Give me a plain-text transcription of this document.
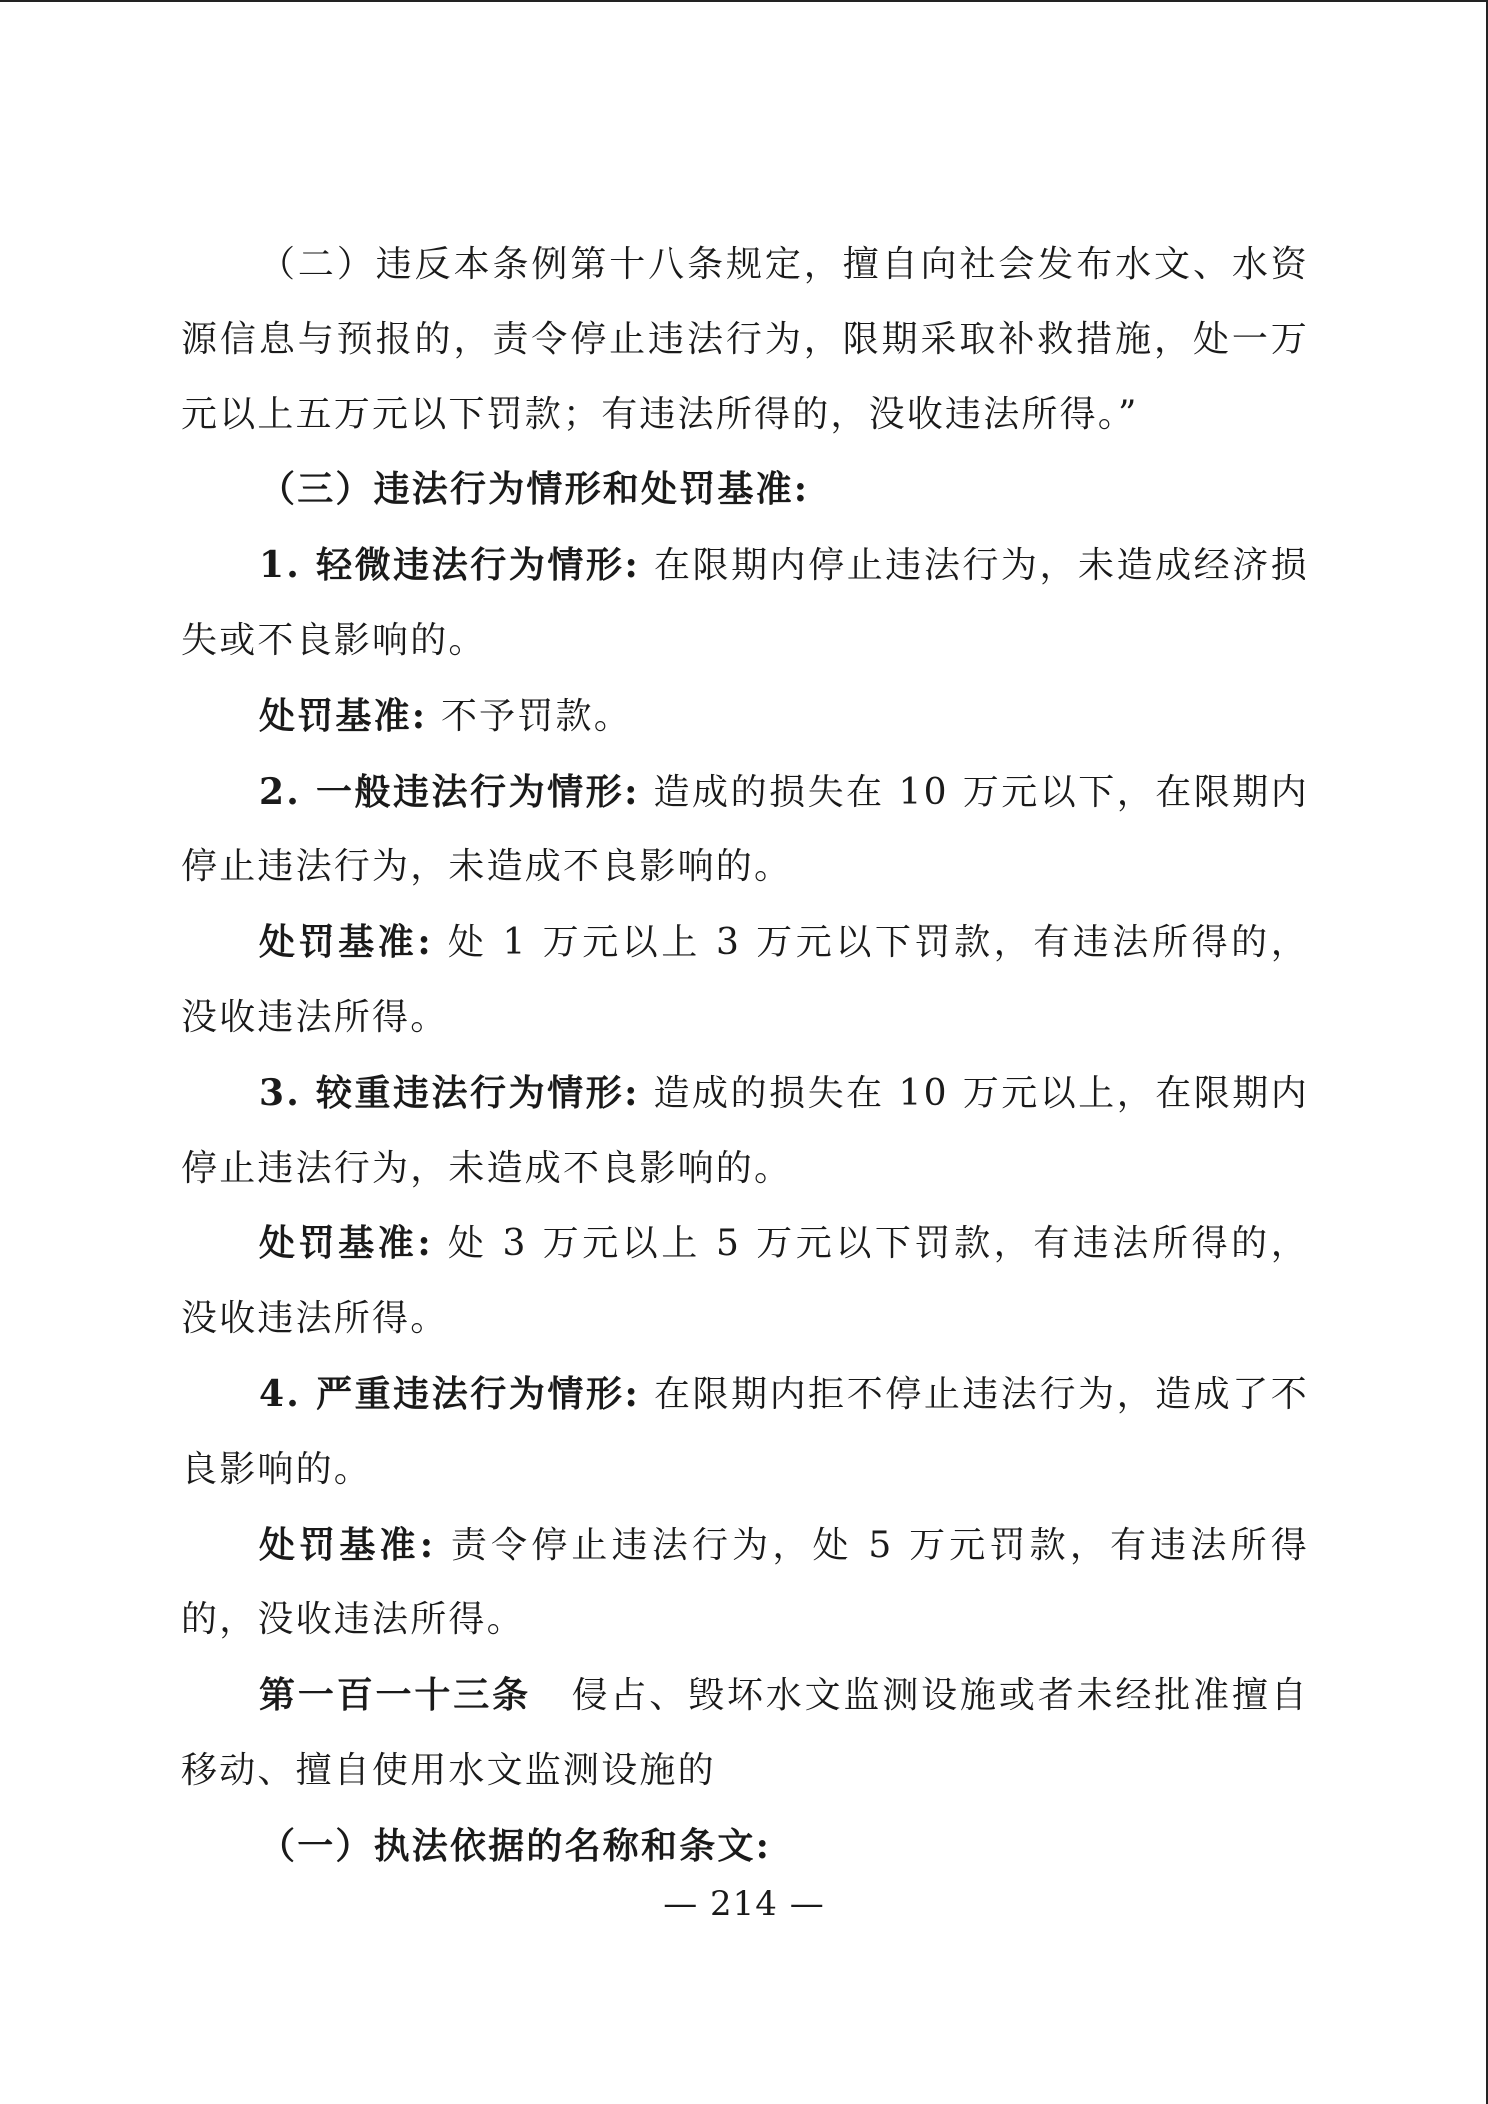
（二）违反本条例第十八条规定，擅自向社会发布水文、水资源信息与预报的，责令停止违法行为，限期采取补救措施，处一万元以上五万元以下罚款；有违法所得的，没收违法所得。”

（三）违法行为情形和处罚基准:

1. 轻微违法行为情形: 在限期内停止违法行为，未造成经济损失或不良影响的。

处罚基准: 不予罚款。

2. 一般违法行为情形: 造成的损失在 10 万元以下，在限期内停止违法行为，未造成不良影响的。

处罚基准: 处 1 万元以上 3 万元以下罚款，有违法所得的，没收违法所得。

3. 较重违法行为情形: 造成的损失在 10 万元以上，在限期内停止违法行为，未造成不良影响的。

处罚基准: 处 3 万元以上 5 万元以下罚款，有违法所得的，没收违法所得。

4. 严重违法行为情形: 在限期内拒不停止违法行为，造成了不良影响的。

处罚基准: 责令停止违法行为，处 5 万元罚款，有违法所得的，没收违法所得。

第一百一十三条 侵占、毁坏水文监测设施或者未经批准擅自移动、擅自使用水文监测设施的

（一）执法依据的名称和条文:

— 214 —
